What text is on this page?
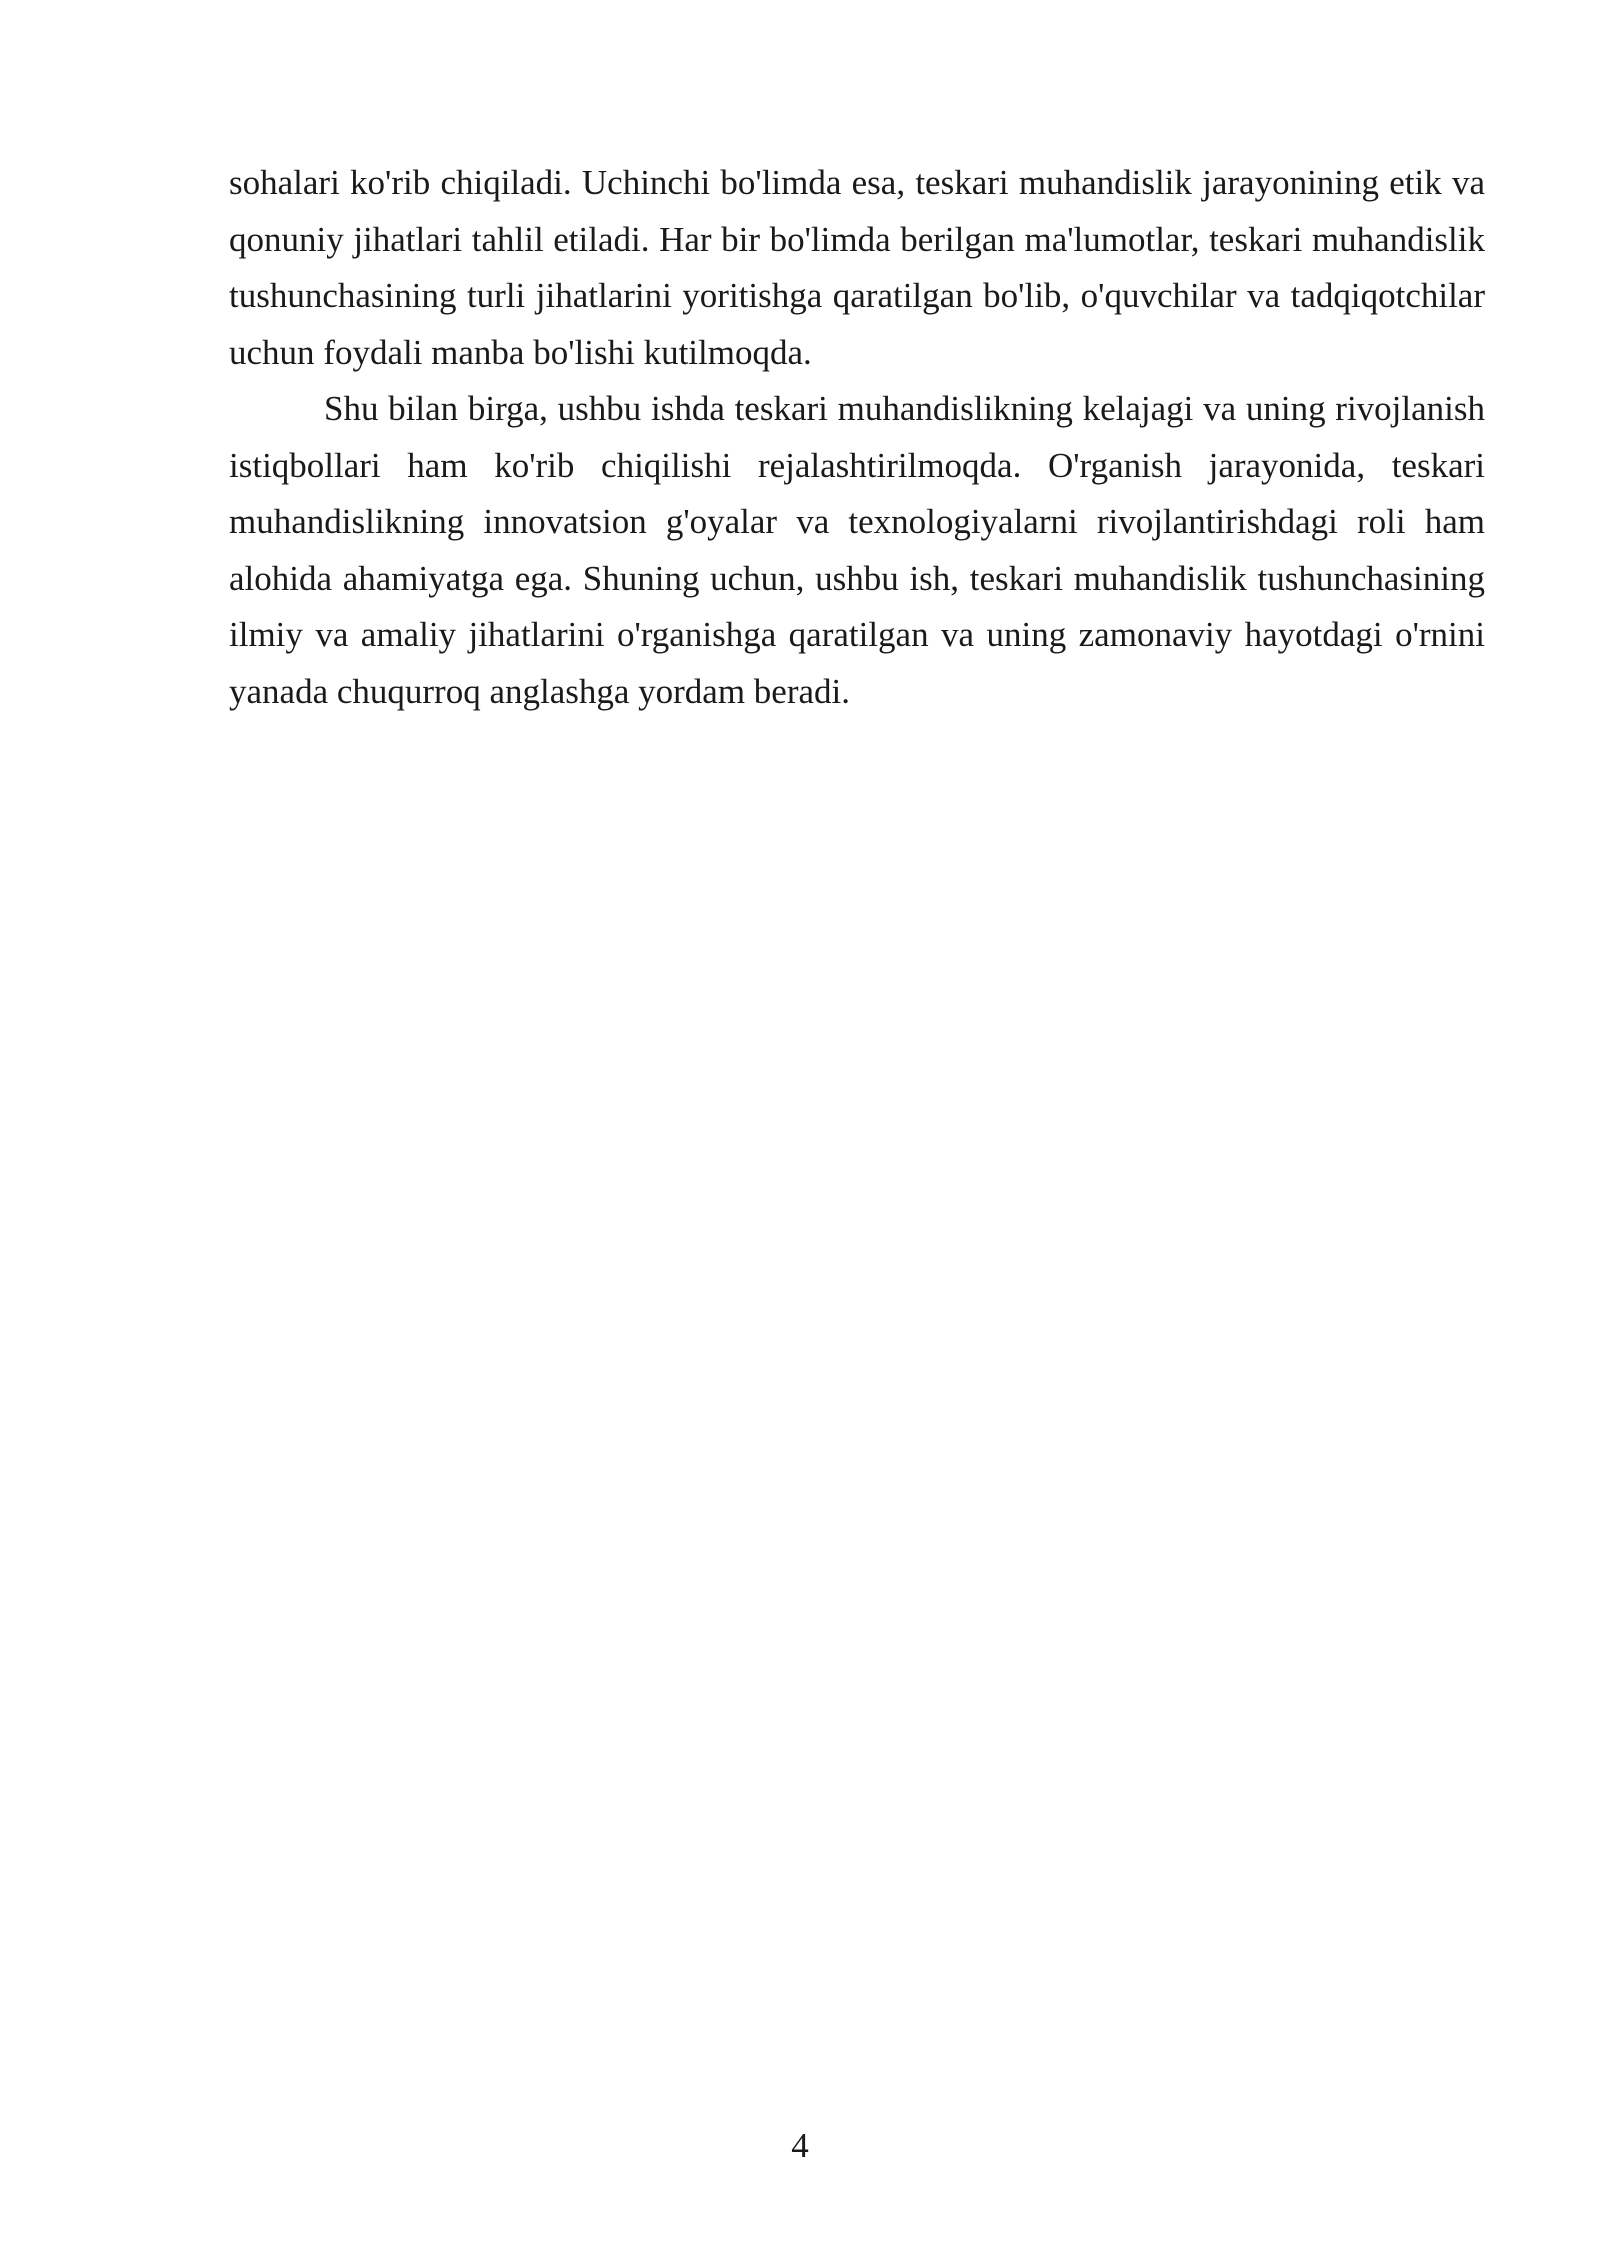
sohalari ko'rib chiqiladi. Uchinchi bo'limda esa, teskari muhandislik jarayonining etik va qonuniy jihatlari tahlil etiladi. Har bir bo'limda berilgan ma'lumotlar, teskari muhandislik tushunchasining turli jihatlarini yoritishga qaratilgan bo'lib, o'quvchilar va tadqiqotchilar uchun foydali manba bo'lishi kutilmoqda.

Shu bilan birga, ushbu ishda teskari muhandislikning kelajagi va uning rivojlanish istiqbollari ham ko'rib chiqilishi rejalashtirilmoqda. O'rganish jarayonida, teskari muhandislikning innovatsion g'oyalar va texnologiyalarni rivojlantirishdagi roli ham alohida ahamiyatga ega. Shuning uchun, ushbu ish, teskari muhandislik tushunchasining ilmiy va amaliy jihatlarini o'rganishga qaratilgan va uning zamonaviy hayotdagi o'rnini yanada chuqurroq anglashga yordam beradi.

4
